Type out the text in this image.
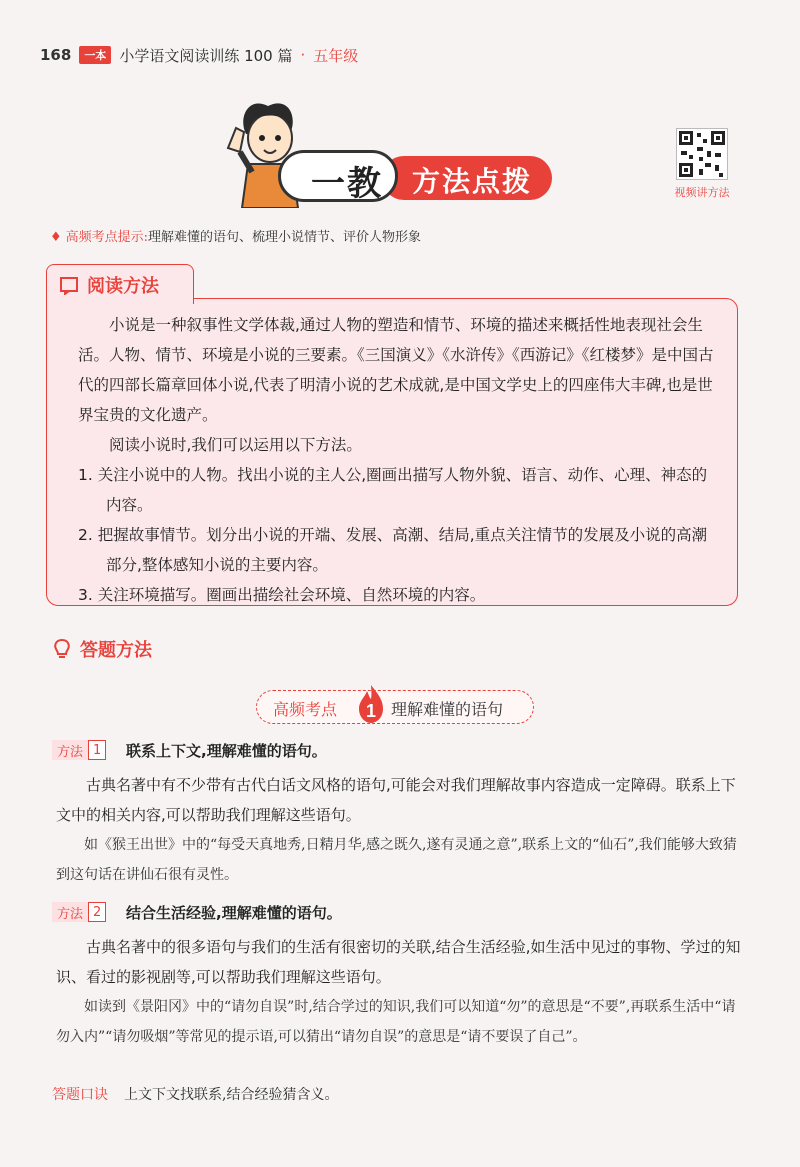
168	一本 小学语文阅读训练 100 篇 · 五年级
方法点拨
一教	视频讲方法
♦ 高频考点提示:理解难懂的语句、梳理小说情节、评价人物形象
阅读方法

小说是一种叙事性文学体裁,通过人物的塑造和情节、环境的描述来概括性地表现社会生活。人物、情节、环境是小说的三要素。《三国演义》《水浒传》《西游记》《红楼梦》是中国古代的四部长篇章回体小说,代表了明清小说的艺术成就,是中国文学史上的四座伟大丰碑,也是世界宝贵的文化遗产。

阅读小说时,我们可以运用以下方法。

1. 关注小说中的人物。找出小说的主人公,圈画出描写人物外貌、语言、动作、心理、神态的内容。

2. 把握故事情节。划分出小说的开端、发展、高潮、结局,重点关注情节的发展及小说的高潮部分,整体感知小说的主要内容。

3. 关注环境描写。圈画出描绘社会环境、自然环境的内容。

答题方法
高频考点 1 理解难懂的语句
方法 1	联系上下文,理解难懂的语句。

古典名著中有不少带有古代白话文风格的语句,可能会对我们理解故事内容造成一定障碍。联系上下文中的相关内容,可以帮助我们理解这些语句。

如《猴王出世》中的“每受天真地秀,日精月华,感之既久,遂有灵通之意”,联系上文的“仙石”,我们能够大致猜到这句话在讲仙石很有灵性。

方法 2	结合生活经验,理解难懂的语句。

古典名著中的很多语句与我们的生活有很密切的关联,结合生活经验,如生活中见过的事物、学过的知识、看过的影视剧等,可以帮助我们理解这些语句。

如读到《景阳冈》中的“请勿自误”时,结合学过的知识,我们可以知道“勿”的意思是“不要”,再联系生活中“请勿入内”“请勿吸烟”等常见的提示语,可以猜出“请勿自误”的意思是“请不要误了自己”。

答题口诀 上文下文找联系,结合经验猜含义。
